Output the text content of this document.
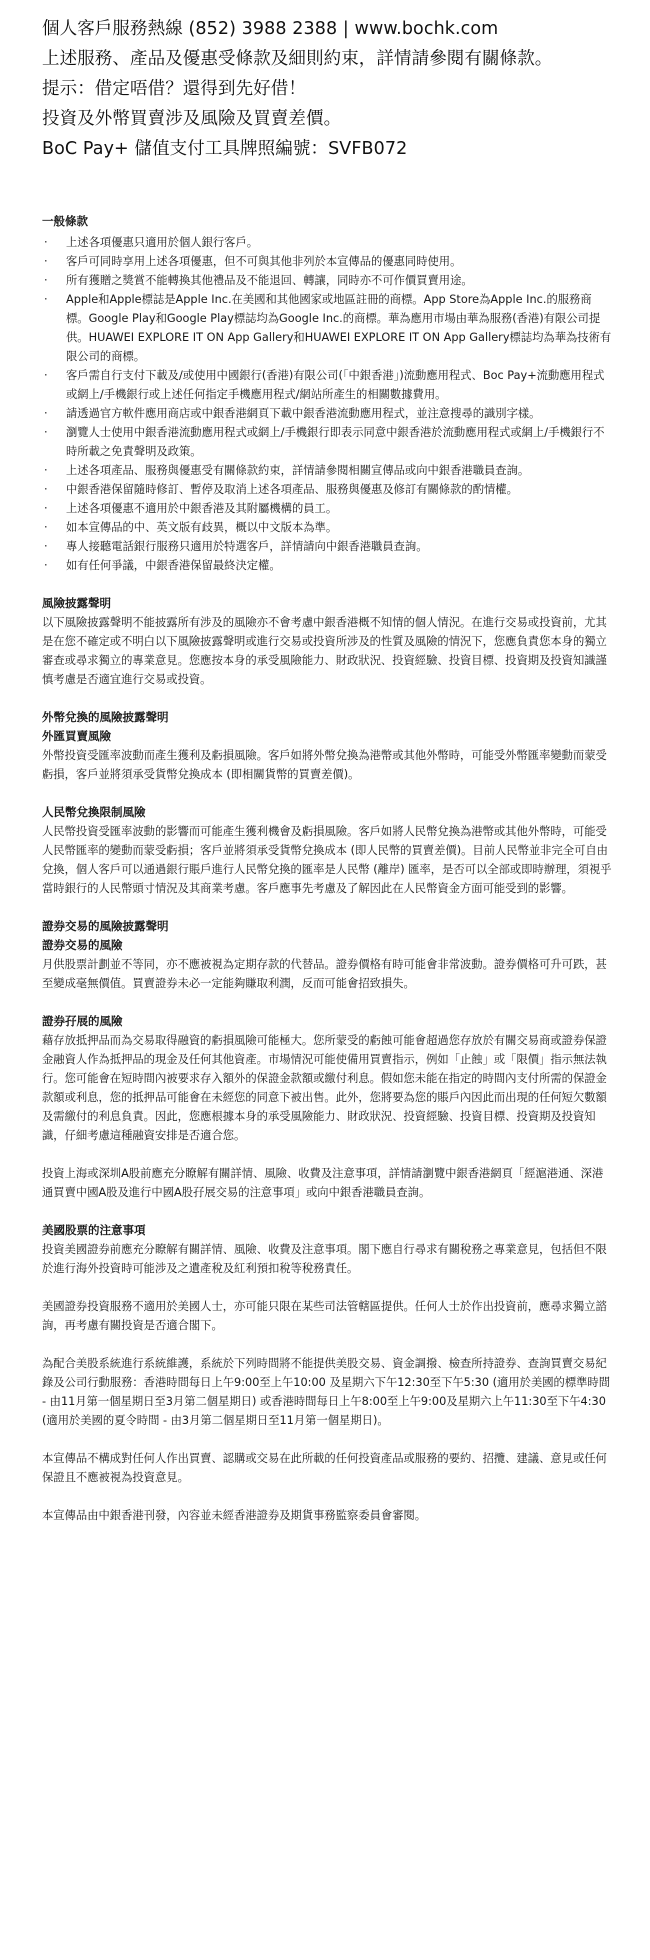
個人客戶服務熱線 (852) 3988 2388 | www.bochk.com
上述服務、產品及優惠受條款及細則約束，詳情請參閱有關條款。
提示：借定唔借？還得到先好借！
投資及外幣買賣涉及風險及買賣差價。
BoC Pay+ 儲值支付工具牌照編號：SVFB072
一般條款
· 上述各項優惠只適用於個人銀行客戶。
· 客戶可同時享用上述各項優惠，但不可與其他非列於本宣傳品的優惠同時使用。
· 所有獲贈之獎賞不能轉換其他禮品及不能退回、轉讓，同時亦不可作價買賣用途。
· Apple和Apple標誌是Apple Inc.在美國和其他國家或地區註冊的商標。App Store為Apple Inc.的服務商標。Google Play和Google Play標誌均為Google Inc.的商標。華為應用市場由華為服務(香港)有限公司提供。HUAWEI EXPLORE IT ON App Gallery和HUAWEI EXPLORE IT ON App Gallery標誌均為華為技術有限公司的商標。
· 客戶需自行支付下載及/或使用中國銀行(香港)有限公司(「中銀香港」)流動應用程式、Boc Pay+流動應用程式或網上/手機銀行或上述任何指定手機應用程式/網站所產生的相關數據費用。
· 請透過官方軟件應用商店或中銀香港網頁下載中銀香港流動應用程式，並注意搜尋的識別字樣。
· 瀏覽人士使用中銀香港流動應用程式或網上/手機銀行即表示同意中銀香港於流動應用程式或網上/手機銀行不時所載之免責聲明及政策。
· 上述各項產品、服務與優惠受有關條款約束，詳情請參閱相關宣傳品或向中銀香港職員查詢。
· 中銀香港保留隨時修訂、暫停及取消上述各項產品、服務與優惠及修訂有關條款的酌情權。
· 上述各項優惠不適用於中銀香港及其附屬機構的員工。
· 如本宣傳品的中、英文版有歧異，概以中文版本為準。
· 專人接聽電話銀行服務只適用於特選客戶，詳情請向中銀香港職員查詢。
· 如有任何爭議，中銀香港保留最終決定權。
風險披露聲明

以下風險披露聲明不能披露所有涉及的風險亦不會考慮中銀香港概不知情的個人情況。在進行交易或投資前，尤其是在您不確定或不明白以下風險披露聲明或進行交易或投資所涉及的性質及風險的情況下，您應負責您本身的獨立審查或尋求獨立的專業意見。您應按本身的承受風險能力、財政狀況、投資經驗、投資目標、投資期及投資知識謹慎考慮是否適宜進行交易或投資。

外幣兌換的風險披露聲明
外匯買賣風險

外幣投資受匯率波動而產生獲利及虧損風險。客戶如將外幣兌換為港幣或其他外幣時，可能受外幣匯率變動而蒙受虧損，客戶並將須承受貨幣兌換成本 (即相關貨幣的買賣差價)。

人民幣兌換限制風險

人民幣投資受匯率波動的影響而可能產生獲利機會及虧損風險。客戶如將人民幣兌換為港幣或其他外幣時，可能受人民幣匯率的變動而蒙受虧損；客戶並將須承受貨幣兌換成本 (即人民幣的買賣差價)。目前人民幣並非完全可自由兌換，個人客戶可以通過銀行賬戶進行人民幣兌換的匯率是人民幣 (離岸) 匯率，是否可以全部或即時辦理，須視乎當時銀行的人民幣頭寸情況及其商業考慮。客戶應事先考慮及了解因此在人民幣資金方面可能受到的影響。

證券交易的風險披露聲明
證券交易的風險

月供股票計劃並不等同，亦不應被視為定期存款的代替品。證券價格有時可能會非常波動。證券價格可升可跌，甚至變成毫無價值。買賣證券未必一定能夠賺取利潤，反而可能會招致損失。

證券孖展的風險

藉存放抵押品而為交易取得融資的虧損風險可能極大。您所蒙受的虧蝕可能會超過您存放於有關交易商或證券保證金融資人作為抵押品的現金及任何其他資產。市場情況可能使備用買賣指示，例如「止蝕」或「限價」指示無法執行。您可能會在短時間內被要求存入額外的保證金款額或繳付利息。假如您未能在指定的時間內支付所需的保證金款額或利息，您的抵押品可能會在未經您的同意下被出售。此外，您將要為您的賬戶內因此而出現的任何短欠數額及需繳付的利息負責。因此，您應根據本身的承受風險能力、財政狀況、投資經驗、投資目標、投資期及投資知識，仔細考慮這種融資安排是否適合您。

投資上海或深圳A股前應充分瞭解有關詳情、風險、收費及注意事項，詳情請瀏覽中銀香港網頁「經滬港通、深港通買賣中國A股及進行中國A股孖展交易的注意事項」或向中銀香港職員查詢。

美國股票的注意事項

投資美國證券前應充分瞭解有關詳情、風險、收費及注意事項。閣下應自行尋求有關稅務之專業意見，包括但不限於進行海外投資時可能涉及之遺產稅及紅利預扣稅等稅務責任。

美國證券投資服務不適用於美國人士，亦可能只限在某些司法管轄區提供。任何人士於作出投資前，應尋求獨立諮詢，再考慮有關投資是否適合閣下。

為配合美股系統進行系統維護，系統於下列時間將不能提供美股交易、資金調撥、檢查所持證券、查詢買賣交易紀錄及公司行動服務：香港時間每日上午9:00至上午10:00 及星期六下午12:30至下午5:30 (適用於美國的標準時間 - 由11月第一個星期日至3月第二個星期日) 或香港時間每日上午8:00至上午9:00及星期六上午11:30至下午4:30 (適用於美國的夏令時間 - 由3月第二個星期日至11月第一個星期日)。

本宣傳品不構成對任何人作出買賣、認購或交易在此所載的任何投資產品或服務的要約、招攬、建議、意見或任何保證且不應被視為投資意見。

本宣傳品由中銀香港刊發，內容並未經香港證券及期貨事務監察委員會審閱。
